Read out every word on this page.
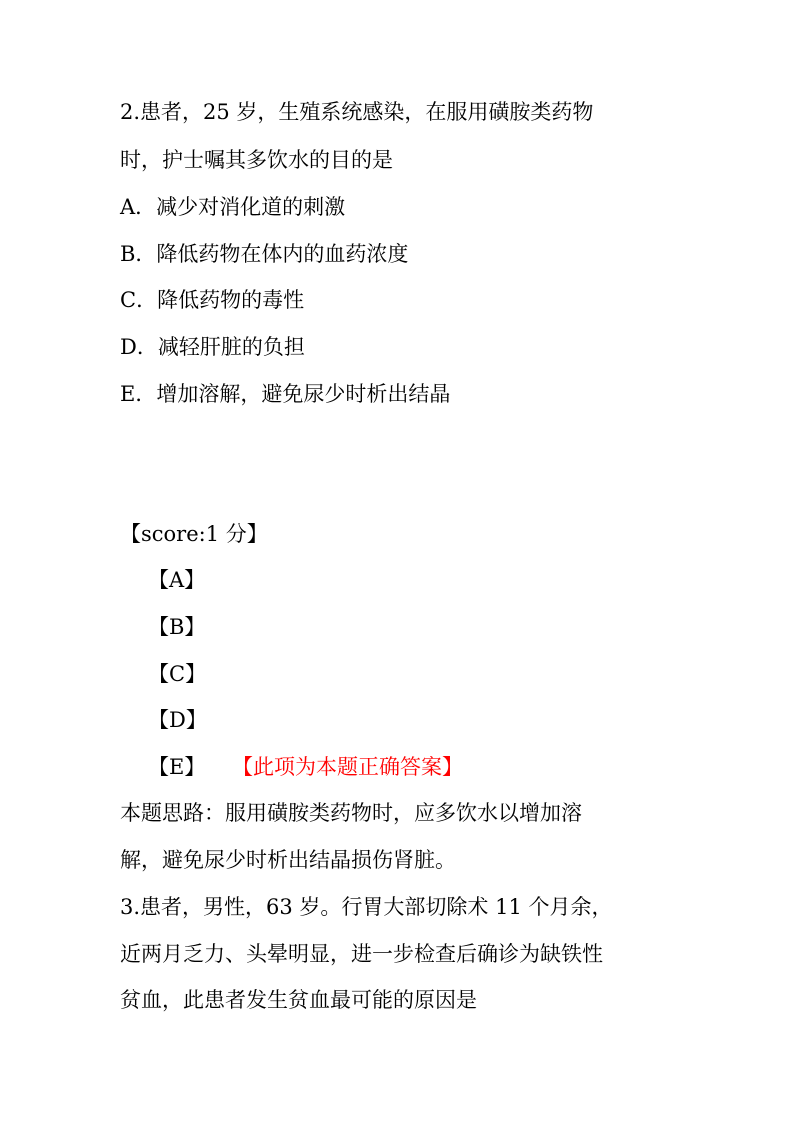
2.患者，25 岁，生殖系统感染，在服用磺胺类药物
时，护士嘱其多饮水的目的是
A．减少对消化道的刺激
B．降低药物在体内的血药浓度
C．降低药物的毒性
D．减轻肝脏的负担
E．增加溶解，避免尿少时析出结晶
【score:1 分】
【A】
【B】
【C】
【D】
【E】 【此项为本题正确答案】
本题思路：服用磺胺类药物时，应多饮水以增加溶
解，避免尿少时析出结晶损伤肾脏。
3.患者，男性，63 岁。行胃大部切除术 11 个月余，
近两月乏力、头晕明显，进一步检查后确诊为缺铁性
贫血，此患者发生贫血最可能的原因是
